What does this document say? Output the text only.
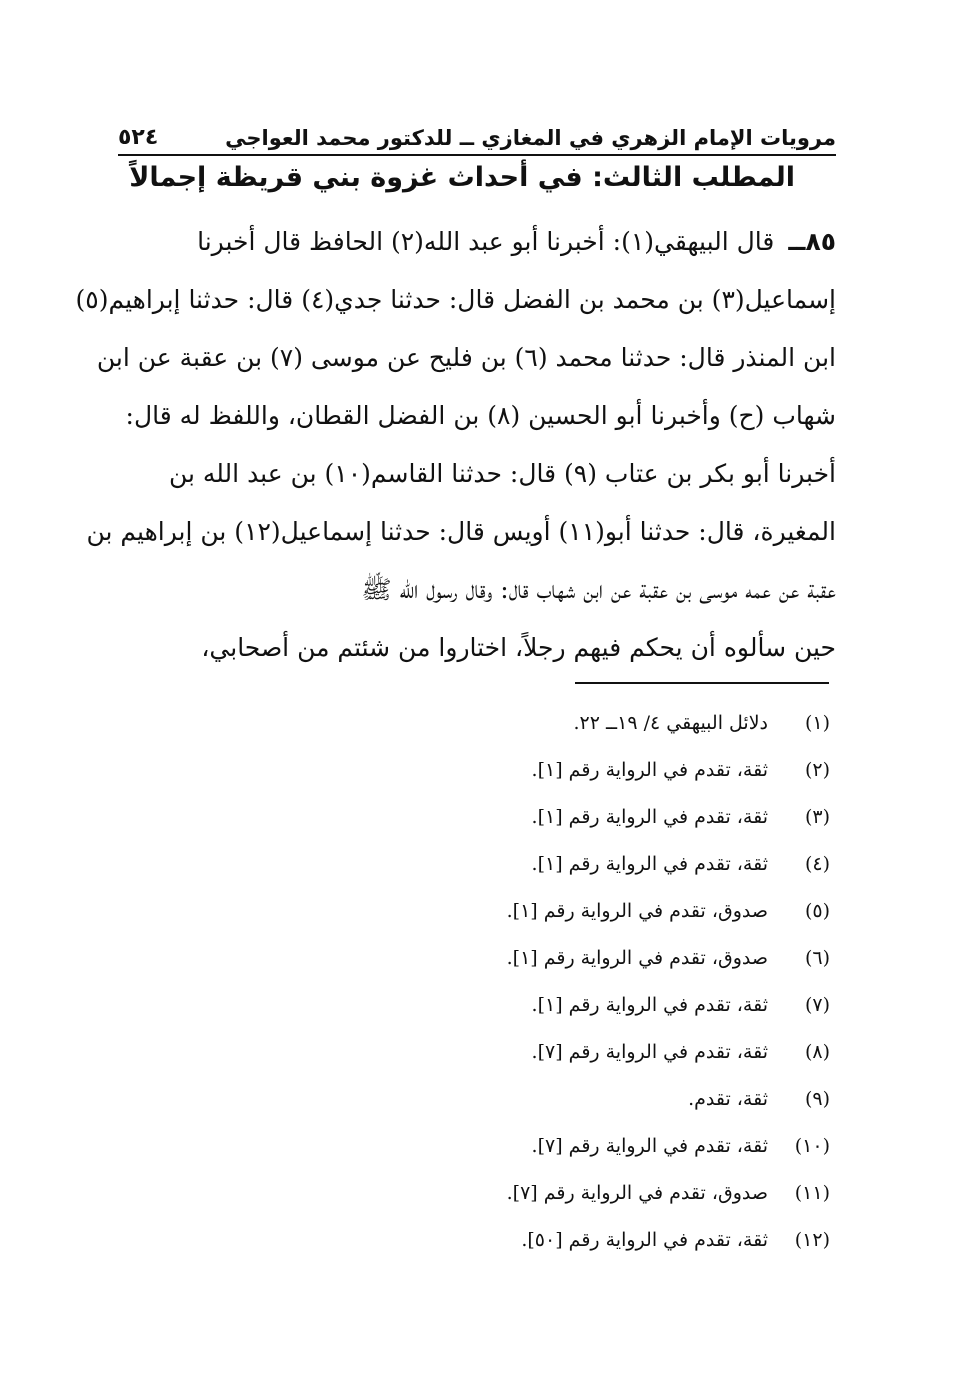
مرويات الإمام الزهري في المغازي ــ للدكتور محمد العواجي
٥٢٤
المطلب الثالث: في أحداث غزوة بني قريظة إجمالاً
٨٥ــ
قال البيهقي(١): أخبرنا أبو عبد الله(٢) الحافظ قال أخبرنا
إسماعيل(٣) بن محمد بن الفضل قال: حدثنا جدي(٤) قال: حدثنا إبراهيم(٥)
ابن المنذر قال: حدثنا محمد (٦) بن فليح عن موسى (٧) بن عقبة عن ابن
شهاب (ح) وأخبرنا أبو الحسين (٨) بن الفضل القطان، واللفظ له قال:
أخبرنا أبو بكر بن عتاب (٩) قال: حدثنا القاسم(١٠) بن عبد الله بن
المغيرة، قال: حدثنا أبو(١١) أويس قال: حدثنا إسماعيل(١٢) بن إبراهيم بن
عقبة عن عمه موسى بن عقبة عن ابن شهاب قال: وقال رسول الله ﷺ
حين سألوه أن يحكم فيهم رجلاً، اختاروا من شئتم من أصحابي،
(١)
دلائل البيهقي ٤/ ١٩ــ ٢٢.
(٢)
ثقة، تقدم في الرواية رقم [١].
(٣)
ثقة، تقدم في الرواية رقم [١].
(٤)
ثقة، تقدم في الرواية رقم [١].
(٥)
صدوق، تقدم في الرواية رقم [١].
(٦)
صدوق، تقدم في الرواية رقم [١].
(٧)
ثقة، تقدم في الرواية رقم [١].
(٨)
ثقة، تقدم في الرواية رقم [٧].
(٩)
ثقة، تقدم.
(١٠)
ثقة، تقدم في الرواية رقم [٧].
(١١)
صدوق، تقدم في الرواية رقم [٧].
(١٢)
ثقة، تقدم في الرواية رقم [٥٠].
